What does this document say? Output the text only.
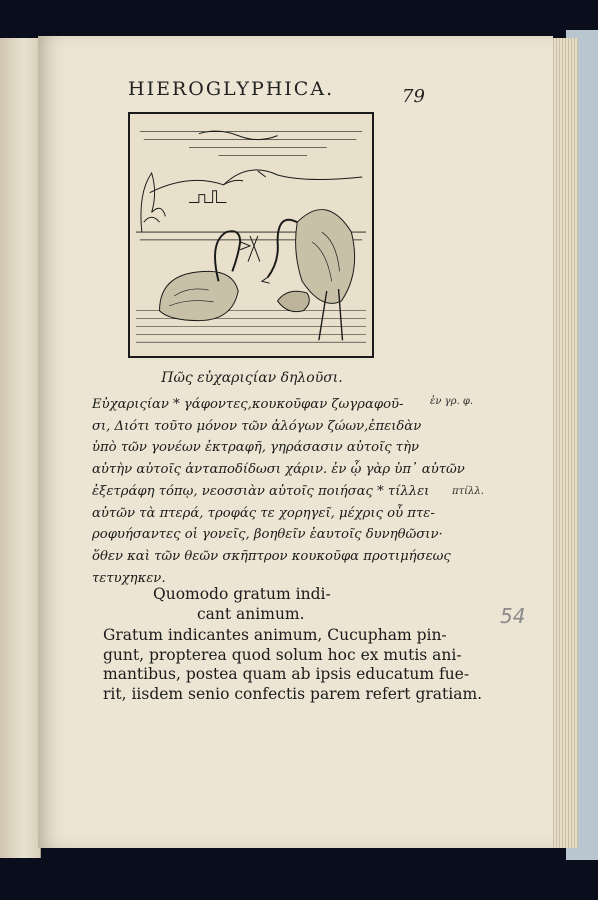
HIEROGLYPHICA.	79
Πῶς εὐχαριςίαν δηλοῦσι.
Εὐχαριςίαν * γάφοντες,κουκοῦφαν ζωγραφοῦ-
σι, Διότι τοῦτο μόνον τῶν ἀλόγων ζώων,ἐπειδὰν
ὑπὸ τῶν γονέων ἐκτραφῆ, γηράσασιν αὐτοῖς τὴν
αὐτὴν αὐτοῖς ἀνταποδίδωσι χάριν. ἐν ᾧ γὰρ ὑπ᾽ αὐτῶν
ἐξετράφη τόπῳ, νεοσσιὰν αὐτοῖς ποιήσας * τίλλει
αὐτῶν τὰ πτερά, τροφάς τε χορηγεῖ, μέχρις οὗ πτε-
ροφυήσαντες οἱ γονεῖς, βοηθεῖν ἑαυτοῖς δυνηθῶσιν·
ὅθεν καὶ τῶν θεῶν σκῆπτρον κουκοῦφα προτιμήσεως
τετυχηκεν.
ἐν γρ. φ.
πτίλλ.
Quomodo gratum indi-
cant animum.
Gratum indicantes animum, Cucupham pin-
gunt, propterea quod solum hoc ex mutis ani-
mantibus, postea quam ab ipsis educatum fue-
rit, iisdem senio confectis parem refert gratiam.
54
